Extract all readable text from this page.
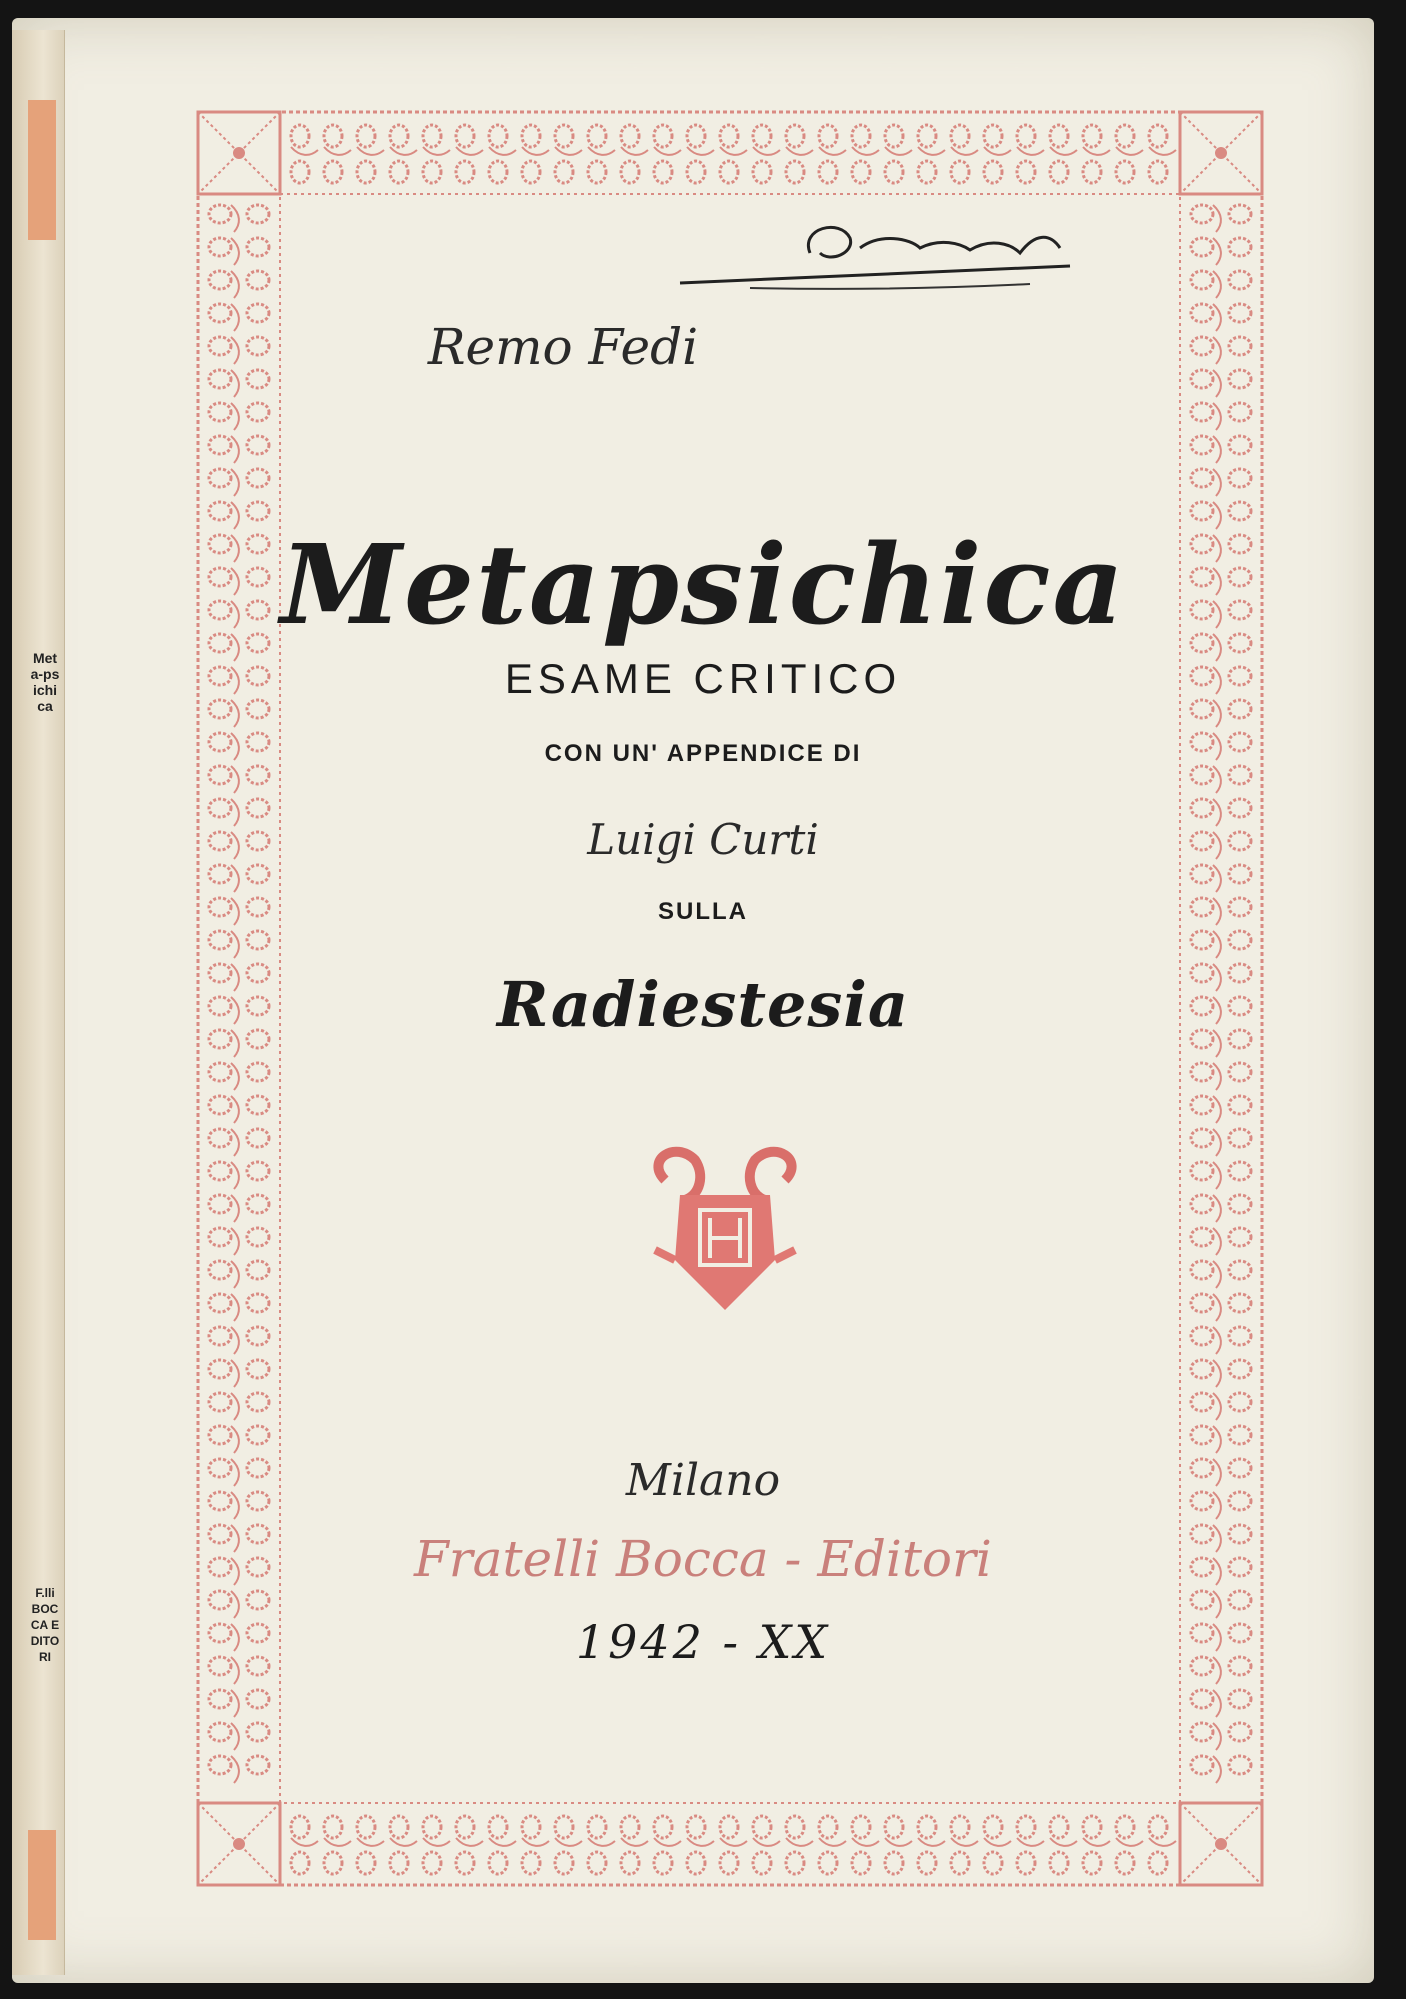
Meta-psichica
F.lli BOCCA EDITORI
Remo Fedi
Metapsichica
ESAME CRITICO
CON UN' APPENDICE DI
Luigi Curti
SULLA
Radiestesia
Milano
Fratelli Bocca - Editori
1942 - XX
